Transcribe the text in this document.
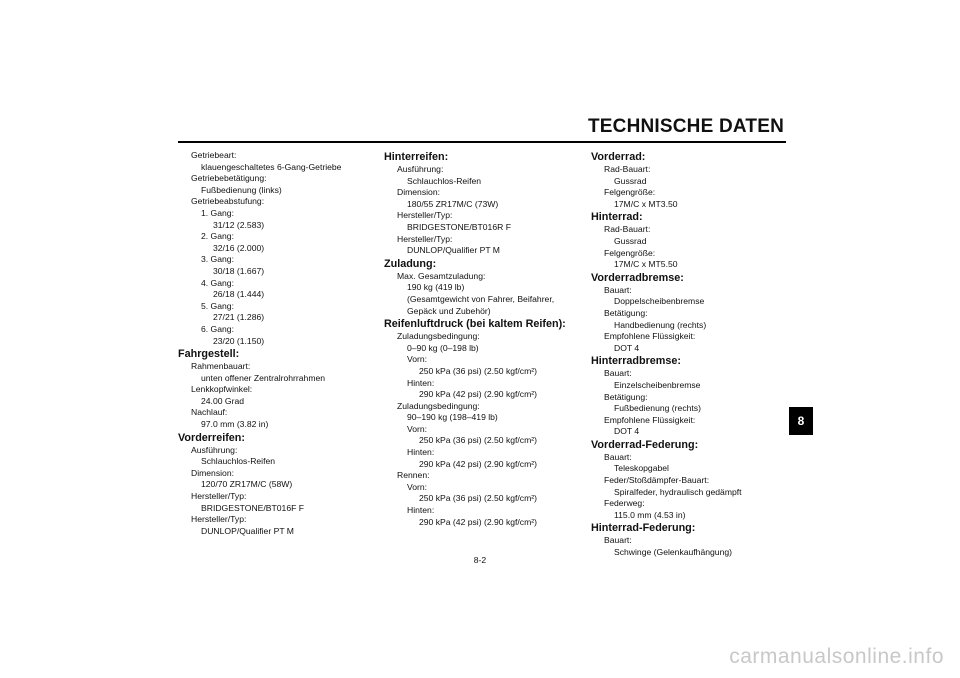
TECHNISCHE DATEN
Getriebeart:
klauengeschaltetes 6-Gang-Getriebe
Getriebebetätigung:
Fußbedienung (links)
Getriebeabstufung:
1. Gang:
31/12 (2.583)
2. Gang:
32/16 (2.000)
3. Gang:
30/18 (1.667)
4. Gang:
26/18 (1.444)
5. Gang:
27/21 (1.286)
6. Gang:
23/20 (1.150)
Fahrgestell:
Rahmenbauart:
unten offener Zentralrohrrahmen
Lenkkopfwinkel:
24.00 Grad
Nachlauf:
97.0 mm (3.82 in)
Vorderreifen:
Ausführung:
Schlauchlos-Reifen
Dimension:
120/70 ZR17M/C (58W)
Hersteller/Typ:
BRIDGESTONE/BT016F F
Hersteller/Typ:
DUNLOP/Qualifier PT M
Hinterreifen:
Ausführung:
Schlauchlos-Reifen
Dimension:
180/55 ZR17M/C (73W)
Hersteller/Typ:
BRIDGESTONE/BT016R F
Hersteller/Typ:
DUNLOP/Qualifier PT M
Zuladung:
Max. Gesamtzuladung:
190 kg (419 lb)
(Gesamtgewicht von Fahrer, Beifahrer,
Gepäck und Zubehör)
Reifenluftdruck (bei kaltem Reifen):
Zuladungsbedingung:
0–90 kg (0–198 lb)
Vorn:
250 kPa (36 psi) (2.50 kgf/cm²)
Hinten:
290 kPa (42 psi) (2.90 kgf/cm²)
Zuladungsbedingung:
90–190 kg (198–419 lb)
Vorn:
250 kPa (36 psi) (2.50 kgf/cm²)
Hinten:
290 kPa (42 psi) (2.90 kgf/cm²)
Rennen:
Vorn:
250 kPa (36 psi) (2.50 kgf/cm²)
Hinten:
290 kPa (42 psi) (2.90 kgf/cm²)
Vorderrad:
Rad-Bauart:
Gussrad
Felgengröße:
17M/C x MT3.50
Hinterrad:
Rad-Bauart:
Gussrad
Felgengröße:
17M/C x MT5.50
Vorderradbremse:
Bauart:
Doppelscheibenbremse
Betätigung:
Handbedienung (rechts)
Empfohlene Flüssigkeit:
DOT 4
Hinterradbremse:
Bauart:
Einzelscheibenbremse
Betätigung:
Fußbedienung (rechts)
Empfohlene Flüssigkeit:
DOT 4
Vorderrad-Federung:
Bauart:
Teleskopgabel
Feder/Stoßdämpfer-Bauart:
Spiralfeder, hydraulisch gedämpft
Federweg:
115.0 mm (4.53 in)
Hinterrad-Federung:
Bauart:
Schwinge (Gelenkaufhängung)
8
8-2
carmanualsonline.info
